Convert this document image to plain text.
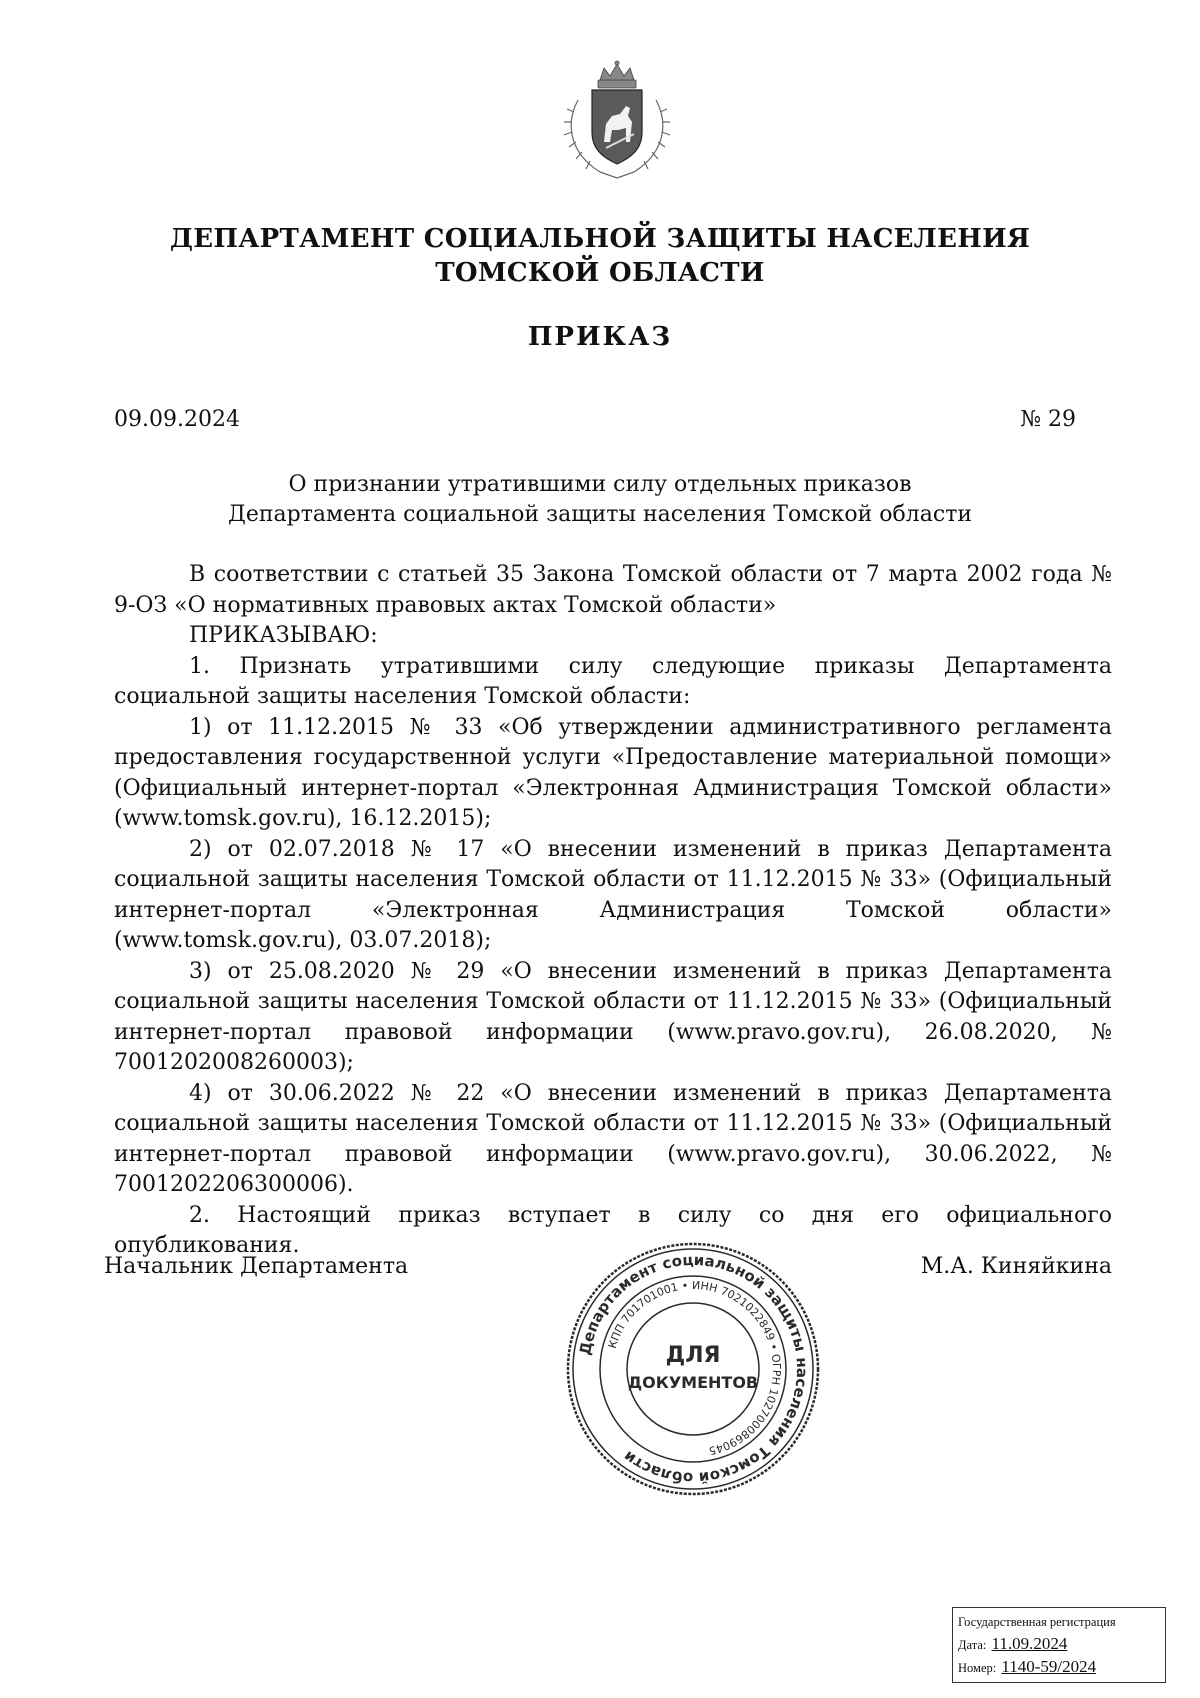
ДЕПАРТАМЕНТ СОЦИАЛЬНОЙ ЗАЩИТЫ НАСЕЛЕНИЯ
ТОМСКОЙ ОБЛАСТИ
ПРИКАЗ
09.09.2024	№ 29
О признании утратившими силу отдельных приказов
Департамента социальной защиты населения Томской области

В соответствии с статьей 35 Закона Томской области от 7 марта 2002 года № 9-ОЗ «О нормативных правовых актах Томской области»

ПРИКАЗЫВАЮ:

1. Признать утратившими силу следующие приказы Департамента социальной защиты населения Томской области:

1) от 11.12.2015 № 33 «Об утверждении административного регламента предоставления государственной услуги «Предоставление материальной помощи» (Официальный интернет-портал «Электронная Администрация Томской области» (www.tomsk.gov.ru), 16.12.2015);

2) от 02.07.2018 № 17 «О внесении изменений в приказ Департамента социальной защиты населения Томской области от 11.12.2015 № 33» (Официальный интернет-портал «Электронная Администрация Томской области» (www.tomsk.gov.ru), 03.07.2018);

3) от 25.08.2020 № 29 «О внесении изменений в приказ Департамента социальной защиты населения Томской области от 11.12.2015 № 33» (Официальный интернет-портал правовой информации (www.pravo.gov.ru), 26.08.2020, № 7001202008260003);

4) от 30.06.2022 № 22 «О внесении изменений в приказ Департамента социальной защиты населения Томской области от 11.12.2015 № 33» (Официальный интернет-портал правовой информации (www.pravo.gov.ru), 30.06.2022, № 7001202206300006).

2. Настоящий приказ вступает в силу со дня его официального опубликования.

Начальник Департамента	М.А. Киняйкина
Департамент социальной защиты населения Томской области
КПП 701701001 • ИНН 7021022849 • ОГРН 1027000869045
ДЛЯ
ДОКУМЕНТОВ
Государственная регистрация
Дата: 11.09.2024
Номер: 1140-59/2024
